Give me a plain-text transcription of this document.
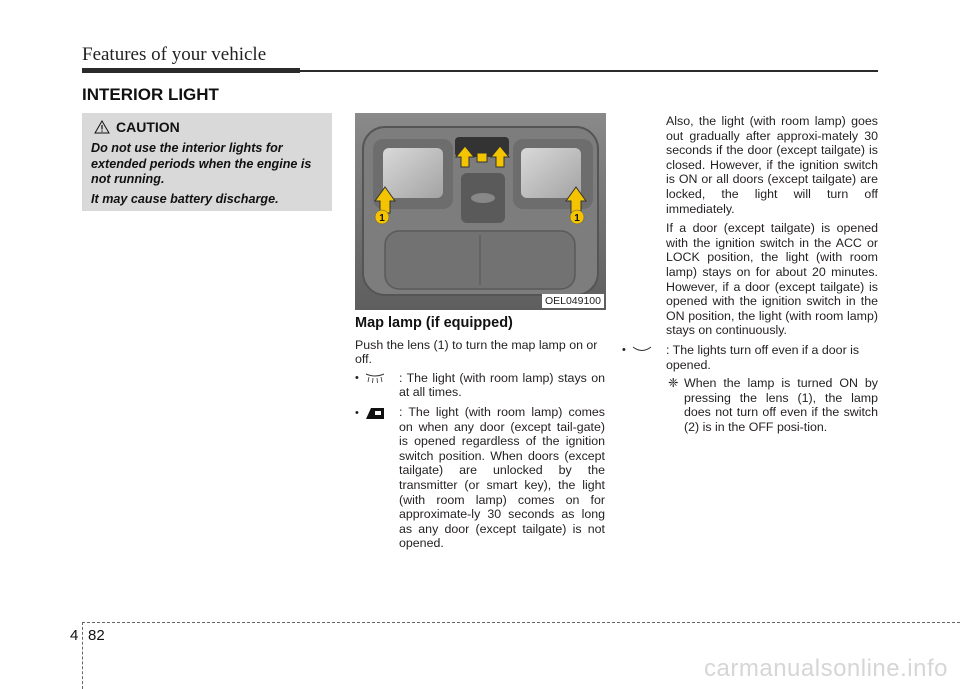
Features of your vehicle
INTERIOR LIGHT
CAUTION

Do not use the interior lights for extended periods when the engine is not running.

It may cause battery discharge.

1	1
OEL049100
Map lamp (if equipped)

Push the lens (1) to turn the map lamp on or off.

•	: The light (with room lamp) stays on at all times.
•	: The light (with room lamp) comes on when any door (except tail-gate) is opened regardless of the ignition switch position. When doors (except tailgate) are unlocked by the transmitter (or smart key), the light (with room lamp) comes on for approximate-ly 30 seconds as long as any door (except tailgate) is not opened.

Also, the light (with room lamp) goes out gradually after approxi-mately 30 seconds if the door (except tailgate) is closed. However, if the ignition switch is ON or all doors (except tailgate) are locked, the light will turn off immediately.

If a door (except tailgate) is opened with the ignition switch in the ACC or LOCK position, the light (with room lamp) stays on for about 20 minutes. However, if a door (except tailgate) is opened with the ignition switch in the ON position, the light (with room lamp) stays on continuously.

•	: The lights turn off even if a door is opened.
❈ When the lamp is turned ON by pressing the lens (1), the lamp does not turn off even if the switch (2) is in the OFF posi-tion.
4 82
carmanualsonline.info
